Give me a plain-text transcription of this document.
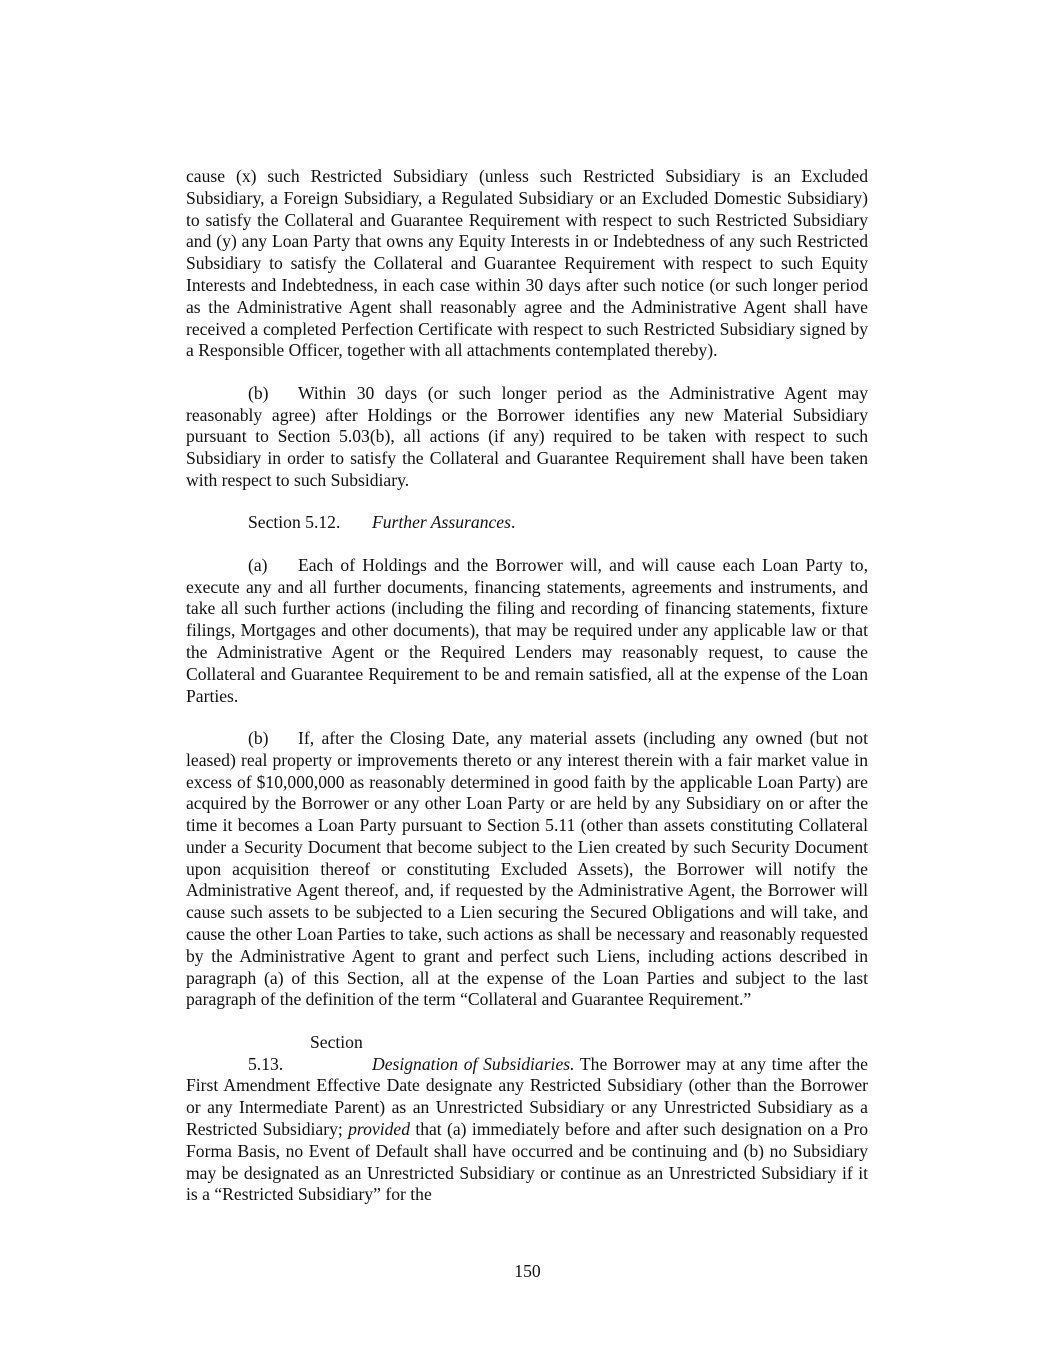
cause (x) such Restricted Subsidiary (unless such Restricted Subsidiary is an Excluded Subsidiary, a Foreign Subsidiary, a Regulated Subsidiary or an Excluded Domestic Subsidiary) to satisfy the Collateral and Guarantee Requirement with respect to such Restricted Subsidiary and (y) any Loan Party that owns any Equity Interests in or Indebtedness of any such Restricted Subsidiary to satisfy the Collateral and Guarantee Requirement with respect to such Equity Interests and Indebtedness, in each case within 30 days after such notice (or such longer period as the Administrative Agent shall reasonably agree and the Administrative Agent shall have received a completed Perfection Certificate with respect to such Restricted Subsidiary signed by a Responsible Officer, together with all attachments contemplated thereby).

(b) Within 30 days (or such longer period as the Administrative Agent may reasonably agree) after Holdings or the Borrower identifies any new Material Subsidiary pursuant to Section 5.03(b), all actions (if any) required to be taken with respect to such Subsidiary in order to satisfy the Collateral and Guarantee Requirement shall have been taken with respect to such Subsidiary.

Section 5.12. Further Assurances.

(a) Each of Holdings and the Borrower will, and will cause each Loan Party to, execute any and all further documents, financing statements, agreements and instruments, and take all such further actions (including the filing and recording of financing statements, fixture filings, Mortgages and other documents), that may be required under any applicable law or that the Administrative Agent or the Required Lenders may reasonably request, to cause the Collateral and Guarantee Requirement to be and remain satisfied, all at the expense of the Loan Parties.

(b) If, after the Closing Date, any material assets (including any owned (but not leased) real property or improvements thereto or any interest therein with a fair market value in excess of $10,000,000 as reasonably determined in good faith by the applicable Loan Party) are acquired by the Borrower or any other Loan Party or are held by any Subsidiary on or after the time it becomes a Loan Party pursuant to Section 5.11 (other than assets constituting Collateral under a Security Document that become subject to the Lien created by such Security Document upon acquisition thereof or constituting Excluded Assets), the Borrower will notify the Administrative Agent thereof, and, if requested by the Administrative Agent, the Borrower will cause such assets to be subjected to a Lien securing the Secured Obligations and will take, and cause the other Loan Parties to take, such actions as shall be necessary and reasonably requested by the Administrative Agent to grant and perfect such Liens, including actions described in paragraph (a) of this Section, all at the expense of the Loan Parties and subject to the last paragraph of the definition of the term “Collateral and Guarantee Requirement.”

Section 5.13.	Designation of Subsidiaries. The Borrower may at any time after the First Amendment Effective Date designate any Restricted Subsidiary (other than the Borrower or any Intermediate Parent) as an Unrestricted Subsidiary or any Unrestricted Subsidiary as a Restricted Subsidiary; provided that (a) immediately before and after such designation on a Pro Forma Basis, no Event of Default shall have occurred and be continuing and (b) no Subsidiary may be designated as an Unrestricted Subsidiary or continue as an Unrestricted Subsidiary if it is a “Restricted Subsidiary” for the

150
